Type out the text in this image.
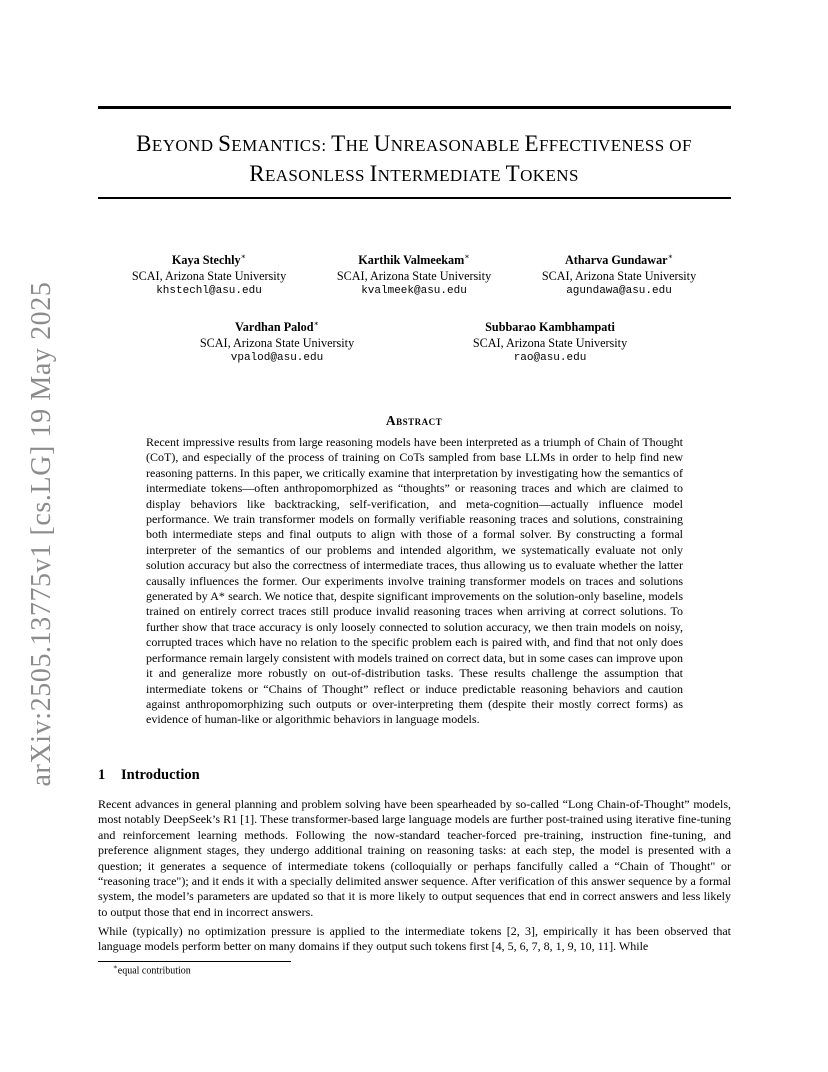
arXiv:2505.13775v1 [cs.LG] 19 May 2025
BEYOND SEMANTICS: THE UNREASONABLE EFFECTIVENESS OF
REASONLESS INTERMEDIATE TOKENS
Kaya Stechly∗
SCAI, Arizona State University
khstechl@asu.edu
Karthik Valmeekam∗
SCAI, Arizona State University
kvalmeek@asu.edu
Atharva Gundawar∗
SCAI, Arizona State University
agundawa@asu.edu
Vardhan Palod∗
SCAI, Arizona State University
vpalod@asu.edu
Subbarao Kambhampati
SCAI, Arizona State University
rao@asu.edu
Abstract
Recent impressive results from large reasoning models have been interpreted as a triumph of Chain of Thought (CoT), and especially of the process of training on CoTs sampled from base LLMs in order to help find new reasoning patterns. In this paper, we critically examine that interpretation by investigating how the semantics of intermediate tokens—often anthropomorphized as “thoughts” or reasoning traces and which are claimed to display behaviors like backtracking, self-verification, and meta-cognition—actually influence model performance. We train transformer models on formally verifiable reasoning traces and solutions, constraining both intermediate steps and final outputs to align with those of a formal solver. By constructing a formal interpreter of the semantics of our problems and intended algorithm, we systematically evaluate not only solution accuracy but also the correctness of intermediate traces, thus allowing us to evaluate whether the latter causally influences the former. Our experiments involve training transformer models on traces and solutions generated by A* search. We notice that, despite significant improvements on the solution-only baseline, models trained on entirely correct traces still produce invalid reasoning traces when arriving at correct solutions. To further show that trace accuracy is only loosely connected to solution accuracy, we then train models on noisy, corrupted traces which have no relation to the specific problem each is paired with, and find that not only does performance remain largely consistent with models trained on correct data, but in some cases can improve upon it and generalize more robustly on out-of-distribution tasks. These results challenge the assumption that intermediate tokens or “Chains of Thought” reflect or induce predictable reasoning behaviors and caution against anthropomorphizing such outputs or over-interpreting them (despite their mostly correct forms) as evidence of human-like or algorithmic behaviors in language models.
1 Introduction
Recent advances in general planning and problem solving have been spearheaded by so-called “Long Chain-of-Thought” models, most notably DeepSeek’s R1 [1]. These transformer-based large language models are further post-trained using iterative fine-tuning and reinforcement learning methods. Following the now-standard teacher-forced pre-training, instruction fine-tuning, and preference alignment stages, they undergo additional training on reasoning tasks: at each step, the model is presented with a question; it generates a sequence of intermediate tokens (colloquially or perhaps fancifully called a “Chain of Thought" or “reasoning trace"); and it ends it with a specially delimited answer sequence. After verification of this answer sequence by a formal system, the model’s parameters are updated so that it is more likely to output sequences that end in correct answers and less likely to output those that end in incorrect answers.
While (typically) no optimization pressure is applied to the intermediate tokens [2, 3], empirically it has been observed that language models perform better on many domains if they output such tokens first [4, 5, 6, 7, 8, 1, 9, 10, 11]. While
∗equal contribution
